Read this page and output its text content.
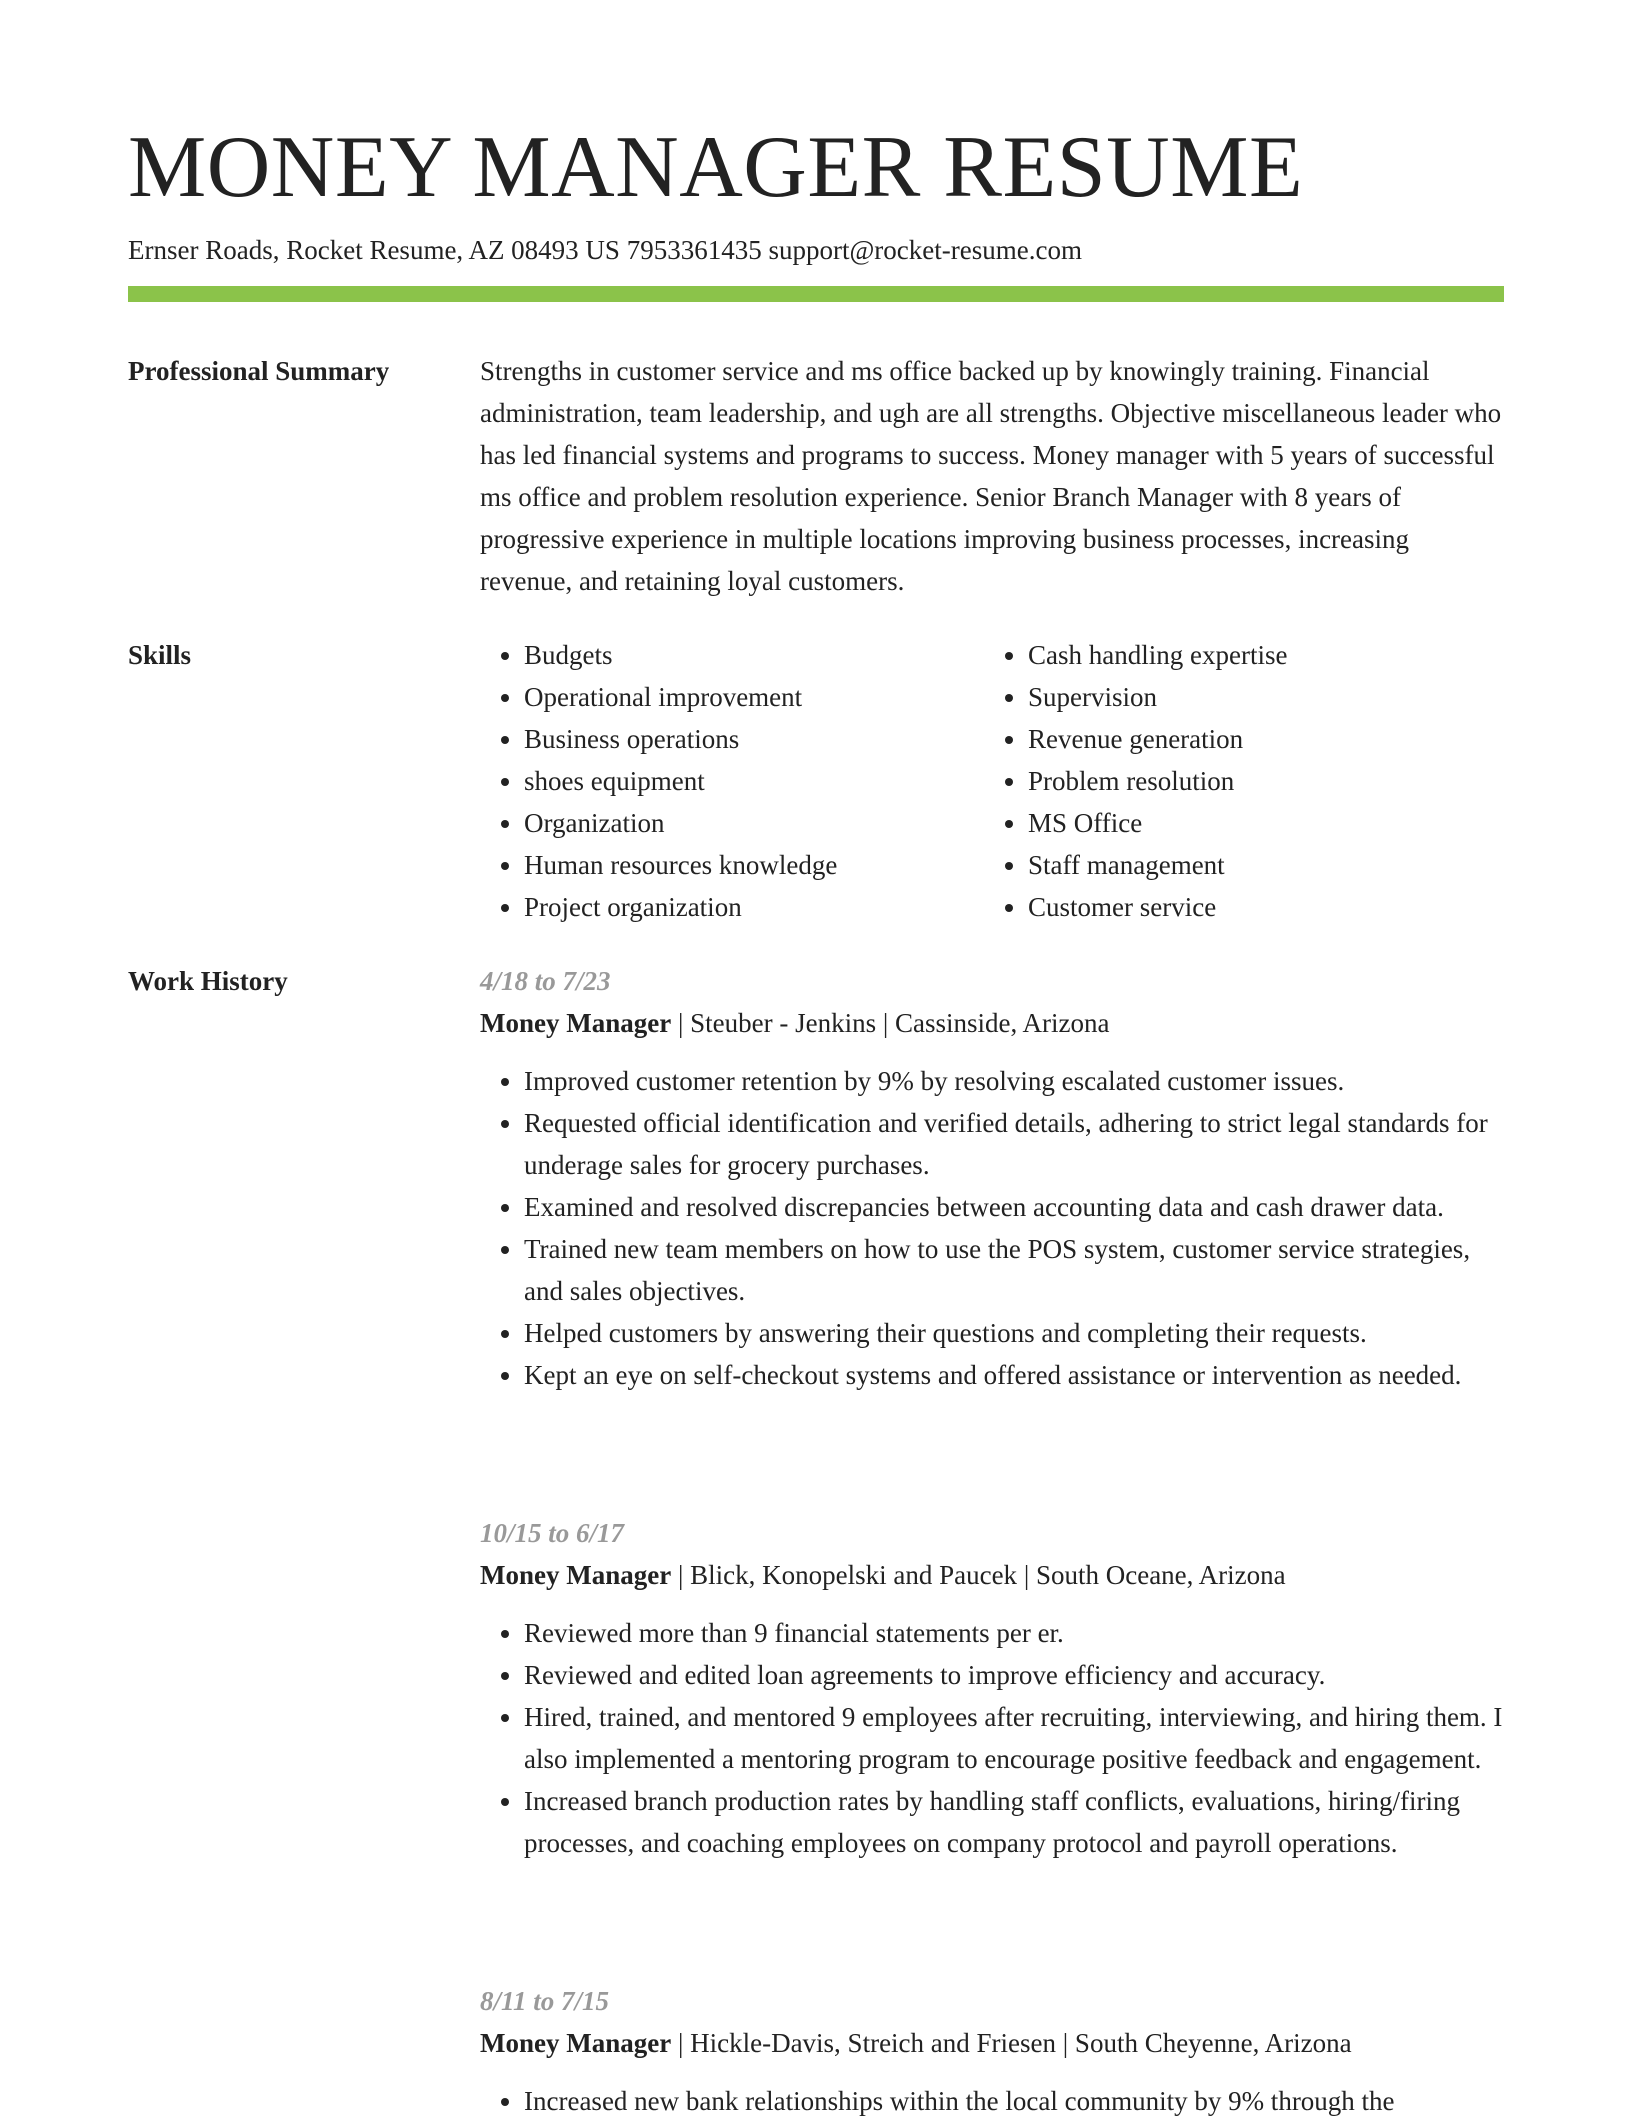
MONEY MANAGER RESUME
Ernser Roads, Rocket Resume, AZ 08493 US 7953361435 support@rocket-resume.com
Professional Summary	Strengths in customer service and ms office backed up by knowingly training. Financial administration, team leadership, and ugh are all strengths. Objective miscellaneous leader who has led financial systems and programs to success. Money manager with 5 years of successful ms office and problem resolution experience. Senior Branch Manager with 8 years of progressive experience in multiple locations improving business processes, increasing revenue, and retaining loyal customers.

Skills
•	Budgets
• Operational improvement
• Business operations
• shoes equipment
• Organization
• Human resources knowledge
• Project organization
• Cash handling expertise
• Supervision
• Revenue generation
• Problem resolution
• MS Office
• Staff management
• Customer service
Work History	4/18 to 7/23
Money Manager | Steuber - Jenkins | Cassinside, Arizona
• Improved customer retention by 9% by resolving escalated customer issues.
• Requested official identification and verified details, adhering to strict legal standards for underage sales for grocery purchases.
• Examined and resolved discrepancies between accounting data and cash drawer data.
• Trained new team members on how to use the POS system, customer service strategies, and sales objectives.
• Helped customers by answering their questions and completing their requests.
• Kept an eye on self-checkout systems and offered assistance or intervention as needed.
10/15 to 6/17
Money Manager | Blick, Konopelski and Paucek | South Oceane, Arizona
• Reviewed more than 9 financial statements per er.
• Reviewed and edited loan agreements to improve efficiency and accuracy.
• Hired, trained, and mentored 9 employees after recruiting, interviewing, and hiring them. I also implemented a mentoring program to encourage positive feedback and engagement.
• Increased branch production rates by handling staff conflicts, evaluations, hiring/firing processes, and coaching employees on company protocol and payroll operations.
8/11 to 7/15
Money Manager | Hickle-Davis, Streich and Friesen | South Cheyenne, Arizona
• Increased new bank relationships within the local community by 9% through the
